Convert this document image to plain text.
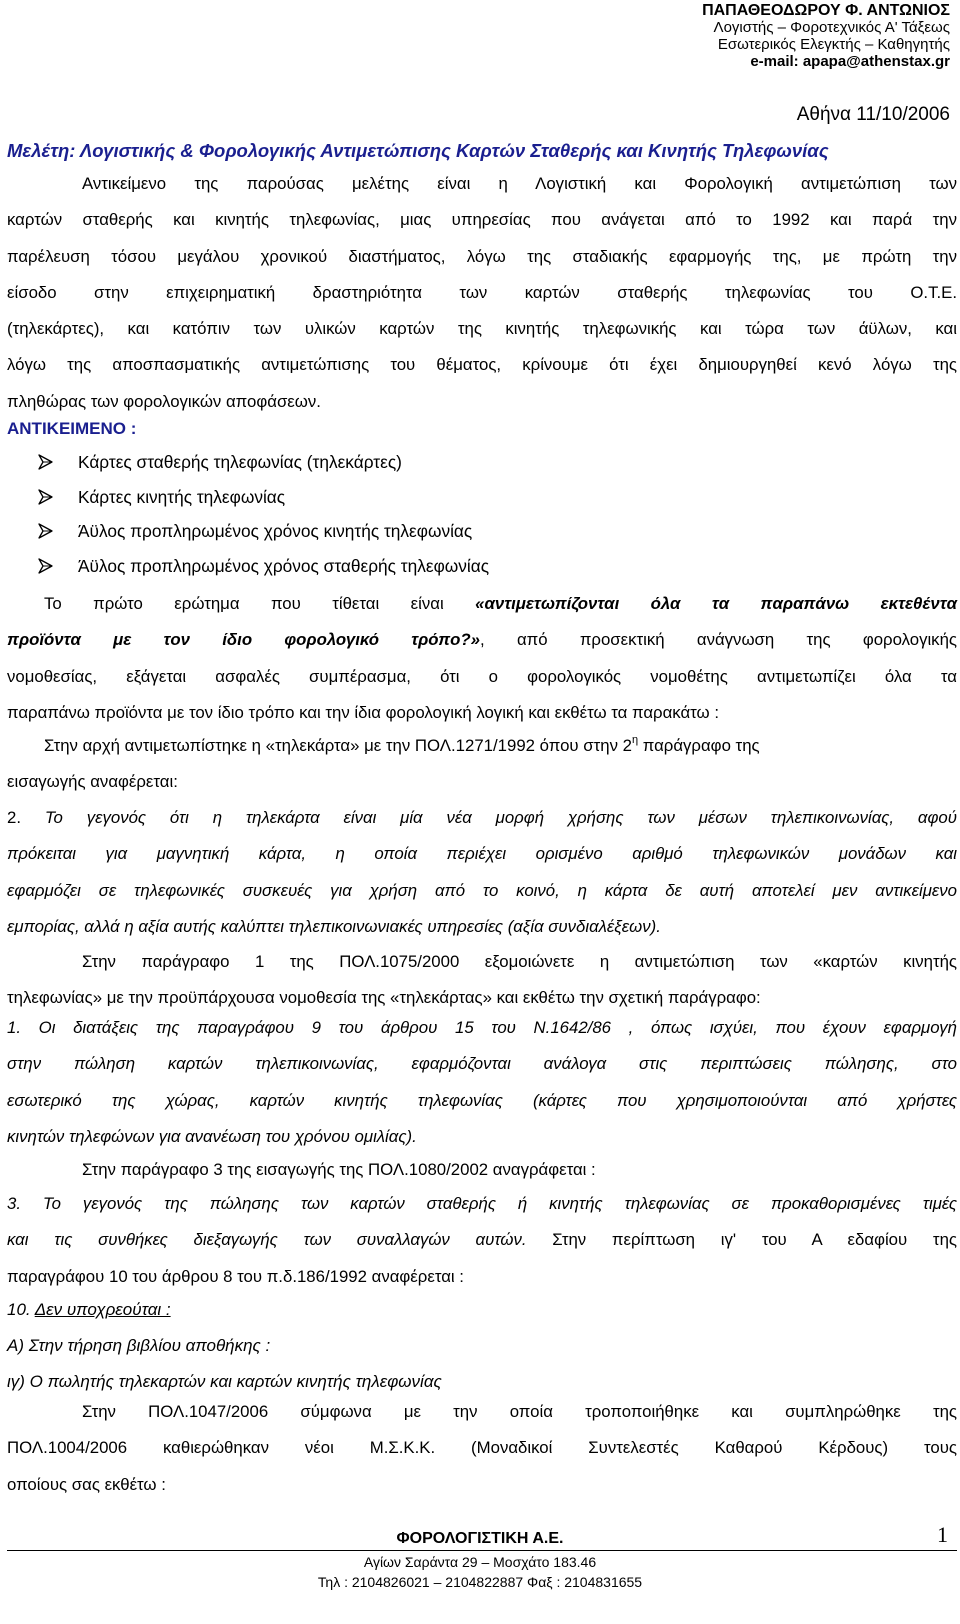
ΠΑΠΑΘΕΟΔΩΡΟΥ Φ. ΑΝΤΩΝΙΟΣ
Λογιστής – Φοροτεχνικός Α' Τάξεως
Εσωτερικός Ελεγκτής – Καθηγητής
e-mail: apapa@athenstax.gr
Αθήνα 11/10/2006
Μελέτη: Λογιστικής & Φορολογικής Αντιμετώπισης Καρτών Σταθερής και Κινητής Τηλεφωνίας
Αντικείμενο της παρούσας μελέτης είναι η Λογιστική και Φορολογική αντιμετώπιση των
καρτών σταθερής και κινητής τηλεφωνίας, μιας υπηρεσίας που ανάγεται από το 1992 και παρά την
παρέλευση τόσου μεγάλου χρονικού διαστήματος, λόγω της σταδιακής εφαρμογής της, με πρώτη την
είσοδο στην επιχειρηματική δραστηριότητα των καρτών σταθερής τηλεφωνίας του Ο.Τ.Ε.
(τηλεκάρτες), και κατόπιν των υλικών καρτών της κινητής τηλεφωνικής και τώρα των άϋλων, και
λόγω της αποσπασματικής αντιμετώπισης του θέματος, κρίνουμε ότι έχει δημιουργηθεί κενό λόγω της
πληθώρας των φορολογικών αποφάσεων.
ΑΝΤΙΚΕΙΜΕΝΟ :
Κάρτες σταθερής τηλεφωνίας (τηλεκάρτες)
Κάρτες κινητής τηλεφωνίας
Άϋλος προπληρωμένος χρόνος κινητής τηλεφωνίας
Άϋλος προπληρωμένος χρόνος σταθερής τηλεφωνίας
Το πρώτο ερώτημα που τίθεται είναι «αντιμετωπίζονται όλα τα παραπάνω εκτεθέντα
προϊόντα με τον ίδιο φορολογικό τρόπο?», από προσεκτική ανάγνωση της φορολογικής
νομοθεσίας, εξάγεται ασφαλές συμπέρασμα, ότι ο φορολογικός νομοθέτης αντιμετωπίζει όλα τα
παραπάνω προϊόντα με τον ίδιο τρόπο και την ίδια φορολογική λογική και εκθέτω τα παρακάτω :
Στην αρχή αντιμετωπίστηκε η «τηλεκάρτα» με την ΠΟΛ.1271/1992 όπου στην $2^\eta$ παράγραφο της
εισαγωγής αναφέρεται:
2. Το γεγονός ότι η τηλεκάρτα είναι μία νέα μορφή χρήσης των μέσων τηλεπικοινωνίας, αφού
πρόκειται για μαγνητική κάρτα, η οποία περιέχει ορισμένο αριθμό τηλεφωνικών μονάδων και
εφαρμόζει σε τηλεφωνικές συσκευές για χρήση από το κοινό, η κάρτα δε αυτή αποτελεί μεν αντικείμενο
εμπορίας, αλλά η αξία αυτής καλύπτει τηλεπικοινωνιακές υπηρεσίες (αξία συνδιαλέξεων).
Στην παράγραφο 1 της ΠΟΛ.1075/2000 εξομοιώνετε η αντιμετώπιση των «καρτών κινητής
τηλεφωνίας» με την προϋπάρχουσα νομοθεσία της «τηλεκάρτας» και εκθέτω την σχετική παράγραφο:
1. Οι διατάξεις της παραγράφου 9 του άρθρου 15 του Ν.1642/86 , όπως ισχύει, που έχουν εφαρμογή
στην πώληση καρτών τηλεπικοινωνίας, εφαρμόζονται ανάλογα στις περιπτώσεις πώλησης, στο
εσωτερικό της χώρας, καρτών κινητής τηλεφωνίας (κάρτες που χρησιμοποιούνται από χρήστες
κινητών τηλεφώνων για ανανέωση του χρόνου ομιλίας).
Στην παράγραφο 3 της εισαγωγής της ΠΟΛ.1080/2002 αναγράφεται :
3. Το γεγονός της πώλησης των καρτών σταθερής ή κινητής τηλεφωνίας σε προκαθορισμένες τιμές
και τις συνθήκες διεξαγωγής των συναλλαγών αυτών. Στην περίπτωση ιγ' του Α εδαφίου της
παραγράφου 10 του άρθρου 8 του π.δ.186/1992 αναφέρεται :
10. Δεν υποχρεούται :
Α) Στην τήρηση βιβλίου αποθήκης :
ιγ) Ο πωλητής τηλεκαρτών και καρτών κινητής τηλεφωνίας
Στην ΠΟΛ.1047/2006 σύμφωνα με την οποία τροποποιήθηκε και συμπληρώθηκε της
ΠΟΛ.1004/2006 καθιερώθηκαν νέοι Μ.Σ.Κ.Κ. (Μοναδικοί Συντελεστές Καθαρού Κέρδους) τους
οποίους σας εκθέτω :
ΦΟΡΟΛΟΓΙΣΤΙΚΗ Α.Ε.
Αγίων Σαράντα 29 – Μοσχάτο 183.46
Τηλ : 2104826021 – 2104822887 Φαξ : 2104831655
1
